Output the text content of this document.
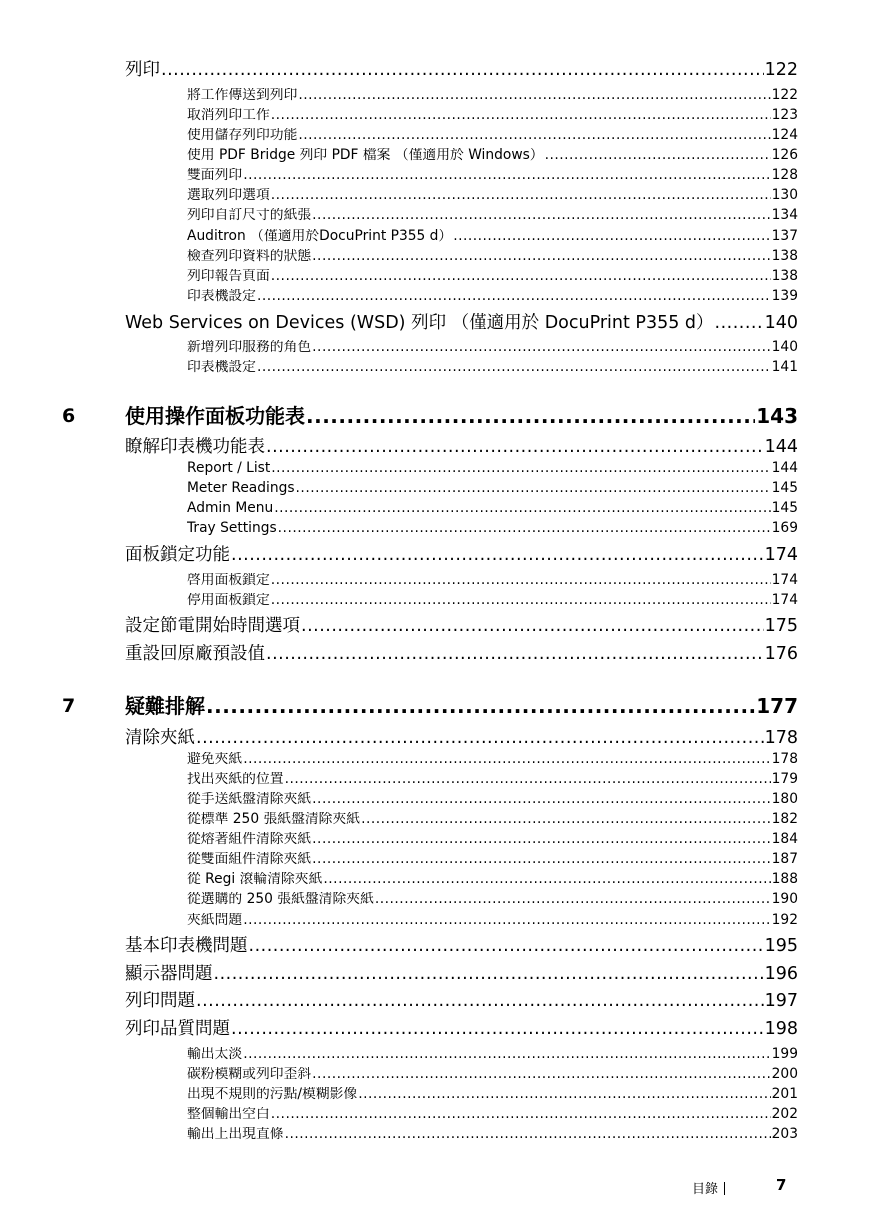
列印 .....	122
將工作傳送到列印 .....	122
取消列印工作 .....	123
使用儲存列印功能 .....	124
使用 PDF Bridge 列印 PDF 檔案 （僅適用於 Windows） .....	126
雙面列印 .....	128
選取列印選項 .....	130
列印自訂尺寸的紙張 .....	134
Auditron （僅適用於DocuPrint P355 d） .....	137
檢查列印資料的狀態 .....	138
列印報告頁面 .....	138
印表機設定 .....	139
Web Services on Devices (WSD) 列印 （僅適用於 DocuPrint P355 d） .....	140
新增列印服務的角色 .....	140
印表機設定 .....	141
6 使用操作面板功能表 .....	143
瞭解印表機功能表 .....	144
Report / List .....	144
Meter Readings .....	145
Admin Menu .....	145
Tray Settings .....	169
面板鎖定功能 .....	174
啓用面板鎖定 .....	174
停用面板鎖定 .....	174
設定節電開始時間選項 .....	175
重設回原廠預設值 .....	176
7 疑難排解 .....	177
清除夾紙 .....	178
避免夾紙 .....	178
找出夾紙的位置 .....	179
從手送紙盤清除夾紙 .....	180
從標準 250 張紙盤清除夾紙 .....	182
從熔著組件清除夾紙 .....	184
從雙面組件清除夾紙 .....	187
從 Regi 滾輪清除夾紙 .....	188
從選購的 250 張紙盤清除夾紙 .....	190
夾紙問題 .....	192
基本印表機問題 .....	195
顯示器問題 .....	196
列印問題 .....	197
列印品質問題 .....	198
輸出太淡 .....	199
碳粉模糊或列印歪斜 .....	200
出現不規則的污點/模糊影像 .....	201
整個輸出空白 .....	202
輸出上出現直條 .....	203
目錄	7
